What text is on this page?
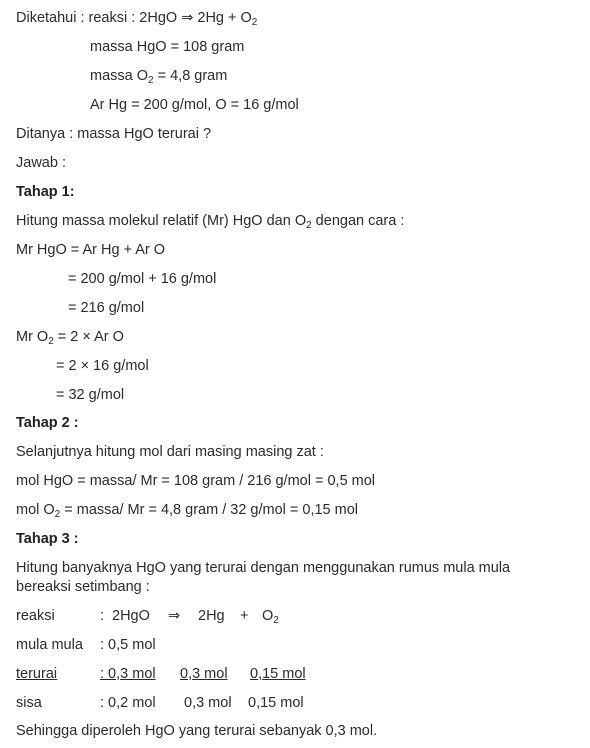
Diketahui : reaksi : 2HgO ⇒ $2Hg + O_2$
massa HgO = 108 gram
massa $O_2 = 4,8$ gram
Ar Hg = 200 g/mol, O = 16 g/mol
Ditanya : massa HgO terurai ?
Jawab :
Tahap 1:
Hitung massa molekul relatif (Mr) HgO dan $O_2$ dengan cara :
Mr HgO = Ar Hg + Ar O
= 200 g/mol + 16 g/mol
= 216 g/mol
Mr $O_2 = 2 \times Ar$ O
= 2 × 16 g/mol
= 32 g/mol
Tahap 2 :
Selanjutnya hitung mol dari masing masing zat :
mol HgO = massa/ Mr = 108 gram / 216 g/mol = 0,5 mol
mol $O_2$ = massa/ Mr = 4,8 gram / 32 g/mol = 0,15 mol
Tahap 3 :
Hitung banyaknya HgO yang terurai dengan menggunakan rumus mula mula
bereaksi setimbang :
reaksi	: 2HgO ⇒ $2Hg + O_2$
mula mula : 0,5 mol
terurai	: 0,3 mol	0,3 mol	0,15 mol
sisa	: 0,2 mol 0,3 mol 0,15 mol
Sehingga diperoleh HgO yang terurai sebanyak 0,3 mol.
